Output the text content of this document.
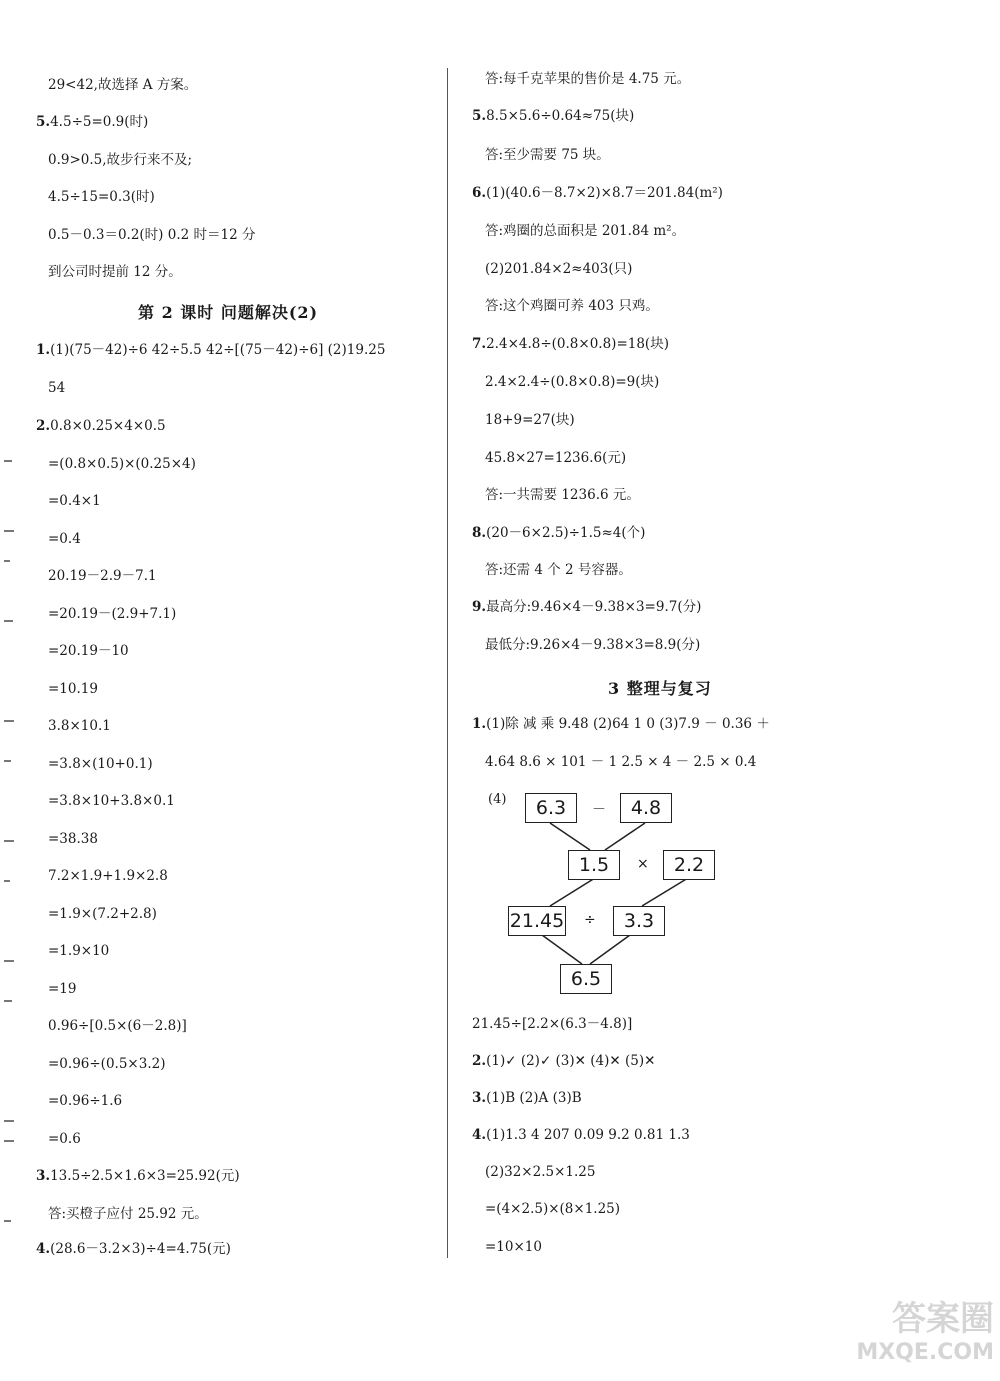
29<42,故选择 A 方案。
5.4.5÷5=0.9(时)
0.9>0.5,故步行来不及;
4.5÷15=0.3(时)
0.5－0.3＝0.2(时) 0.2 时＝12 分
到公司时提前 12 分。
1.(1)(75－42)÷6 42÷5.5 42÷[(75－42)÷6] (2)19.25
54
2.0.8×0.25×4×0.5
=(0.8×0.5)×(0.25×4)
=0.4×1
=0.4
20.19－2.9－7.1
=20.19－(2.9+7.1)
=20.19－10
=10.19
3.8×10.1
=3.8×(10+0.1)
=3.8×10+3.8×0.1
=38.38
7.2×1.9+1.9×2.8
=1.9×(7.2+2.8)
=1.9×10
=19
0.96÷[0.5×(6－2.8)]
=0.96÷(0.5×3.2)
=0.96÷1.6
=0.6
3.13.5÷2.5×1.6×3=25.92(元)
答:买橙子应付 25.92 元。
4.(28.6－3.2×3)÷4=4.75(元)
第 2 课时 问题解决(2)
答:每千克苹果的售价是 4.75 元。
5.8.5×5.6÷0.64≈75(块)
答:至少需要 75 块。
6.(1)(40.6－8.7×2)×8.7＝201.84(m²)
答:鸡圈的总面积是 201.84 m²。
(2)201.84×2≈403(只)
答:这个鸡圈可养 403 只鸡。
7.2.4×4.8÷(0.8×0.8)=18(块)
2.4×2.4÷(0.8×0.8)=9(块)
18+9=27(块)
45.8×27=1236.6(元)
答:一共需要 1236.6 元。
8.(20－6×2.5)÷1.5≈4(个)
答:还需 4 个 2 号容器。
9.最高分:9.46×4－9.38×3=9.7(分)
最低分:9.26×4－9.38×3=8.9(分)
1.(1)除 减 乘 9.48 (2)64 1 0 (3)7.9 － 0.36 ＋
4.64 8.6 × 101 － 1 2.5 × 4 － 2.5 × 0.4
21.45÷[2.2×(6.3－4.8)]
2.(1)✓ (2)✓ (3)✕ (4)✕ (5)✕
3.(1)B (2)A (3)B
4.(1)1.3 4 207 0.09 9.2 0.81 1.3
(2)32×2.5×1.25
=(4×2.5)×(8×1.25)
=10×10
3 整理与复习
(4)	6.3	－	4.8
1.5	×	2.2
21.45 ÷	3.3
6.5
答案圈
MXQE.COM
